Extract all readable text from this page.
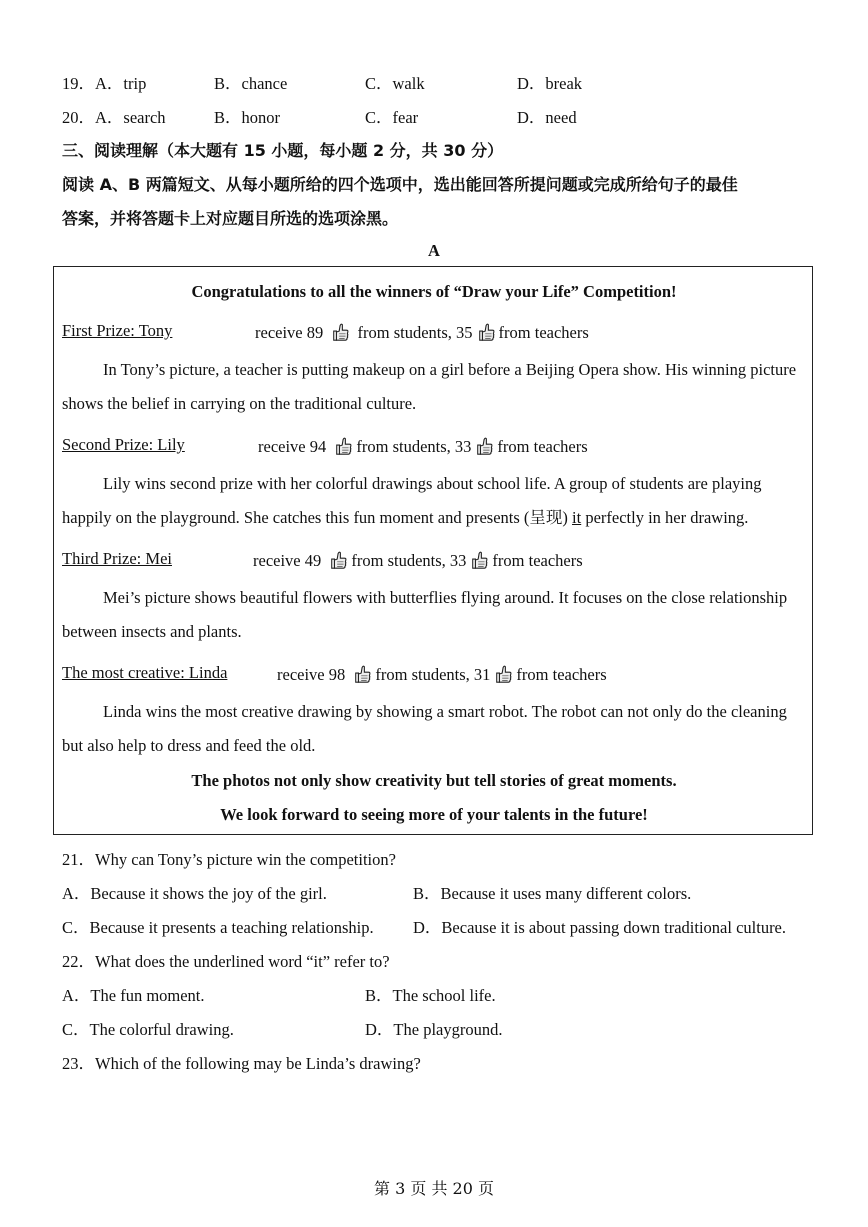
19．A．trip	B．chance	C．walk	D．break
20．A．search	B．honor	C．fear	D．need
三、阅读理解（本大题有 15 小题，每小题 2 分，共 30 分）
阅读 A、B 两篇短文、从每小题所给的四个选项中，选出能回答所提问题或完成所给句子的最佳
答案，并将答题卡上对应题目所选的选项涂黑。
A
Congratulations to all the winners of “Draw your Life” Competition!
First Prize: Tony	receive 89 from students, 35 from teachers
In Tony’s picture, a teacher is putting makeup on a girl before a Beijing Opera show. His winning picture shows the belief in carrying on the traditional culture.
Second Prize: Lily	receive 94 from students, 33 from teachers
Lily wins second prize with her colorful drawings about school life. A group of students are playing happily on the playground. She catches this fun moment and presents (呈现) it perfectly in her drawing.
Third Prize: Mei	receive 49 from students, 33 from teachers
Mei’s picture shows beautiful flowers with butterflies flying around. It focuses on the close relationship between insects and plants.
The most creative: Linda	receive 98 from students, 31 from teachers
Linda wins the most creative drawing by showing a smart robot. The robot can not only do the cleaning but also help to dress and feed the old.
The photos not only show creativity but tell stories of great moments.
We look forward to seeing more of your talents in the future!
21．Why can Tony’s picture win the competition?
A．Because it shows the joy of the girl.	B．Because it uses many different colors.
C．Because it presents a teaching relationship. D．Because it is about passing down traditional culture.
22．What does the underlined word “it” refer to?
A．The fun moment.	B．The school life.
C．The colorful drawing.	D．The playground.
23．Which of the following may be Linda’s drawing?
第 3 页 共 20 页
